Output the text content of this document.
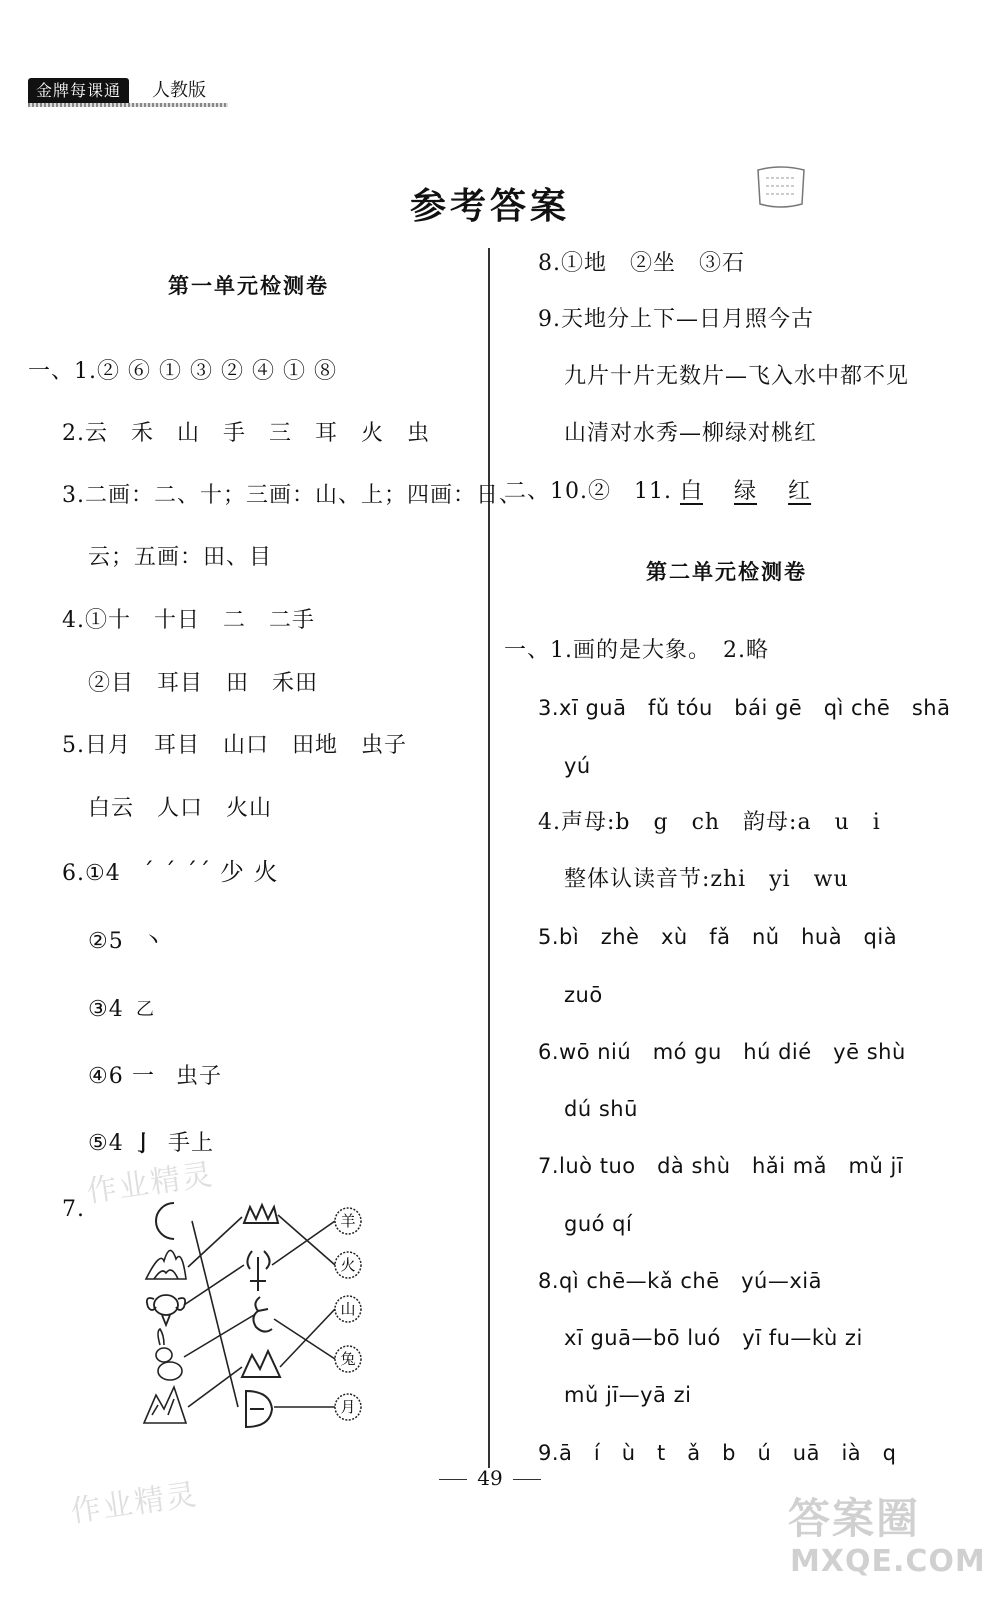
金牌每课通	人教版
参考答案
第一单元检测卷
一、1.② ⑥ ① ③ ② ④ ① ⑧
2.云　禾　山　手　三　耳　火　虫
3.二画：二、十；三画：山、上；四画：日、
云；五画：田、目
4.①十　十日　二　二手
②目　耳目　田　禾田
5.日月　耳目　山口　田地　虫子
白云　人口　火山
6.①4 ˊ ˊ ˊˊ 少 火
②5 丶
③4 乙
④6 一 虫子
⑤4 亅 手上
7.	羊
火
山
兔
月
8.①地　②坐　③石
9.天地分上下—日月照今古
九片十片无数片—飞入水中都不见
山清对水秀—柳绿对桃红
二、10.②　11. 白　 绿　 红
第二单元检测卷
一、1.画的是大象。　2.略
3.xī guā　fǔ tóu　bái gē　qì chē　shā
yú
4.声母:b　g　ch　韵母:a　u　i
整体认读音节:zhi　yi　wu
5.bì　zhè　xù　fǎ　nǔ　huà　qià
zuō
6.wō niú　mó gu　hú dié　yē shù
dú shū
7.luò tuo　dà shù　hǎi mǎ　mǔ jī
guó qí
8.qì chē—kǎ chē　yú—xiā
xī guā—bō luó　yī fu—kù zi
mǔ jī—yā zi
9.ā　í　ù　t　ǎ　b　ú　uā　ià　q
作业精灵
作业精灵	49
答案圈
MXQE.COM
